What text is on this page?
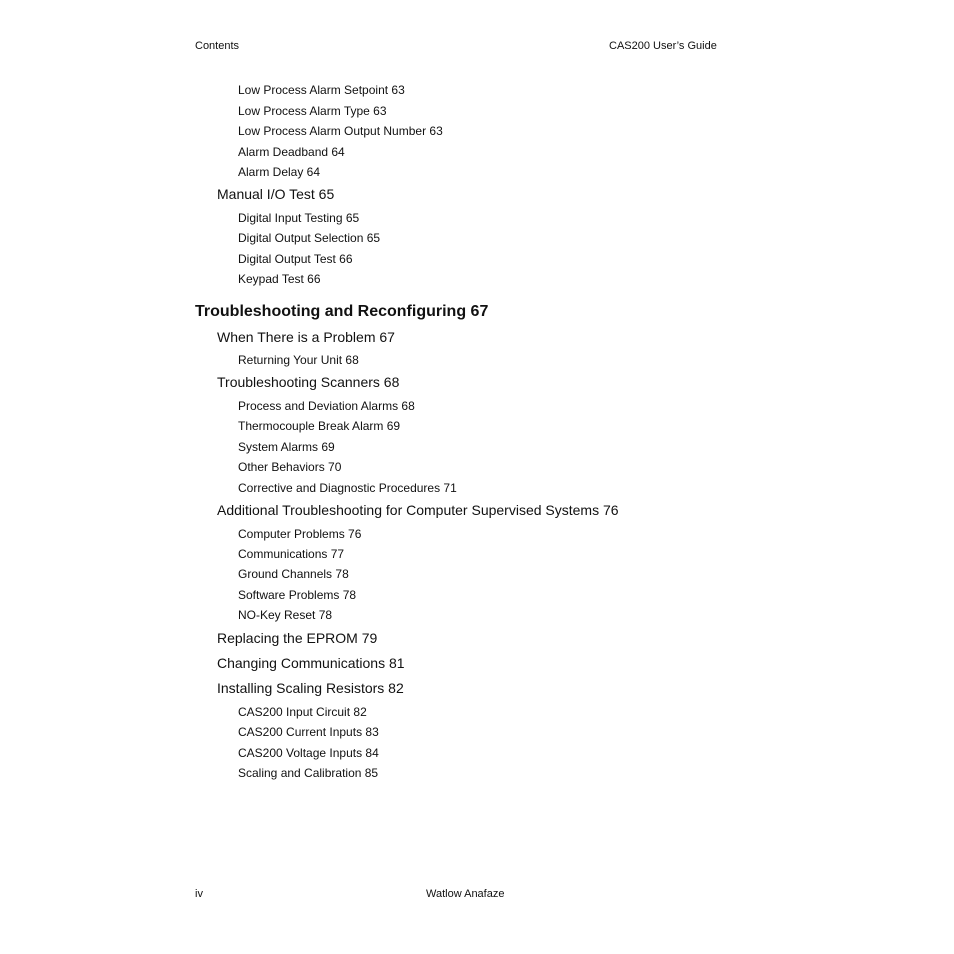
Contents	CAS200 User’s Guide
Low Process Alarm Setpoint 63
Low Process Alarm Type 63
Low Process Alarm Output Number 63
Alarm Deadband 64
Alarm Delay 64
Manual I/O Test 65
Digital Input Testing 65
Digital Output Selection 65
Digital Output Test 66
Keypad Test 66
Troubleshooting and Reconfiguring 67
When There is a Problem 67
Returning Your Unit 68
Troubleshooting Scanners 68
Process and Deviation Alarms 68
Thermocouple Break Alarm 69
System Alarms 69
Other Behaviors 70
Corrective and Diagnostic Procedures 71
Additional Troubleshooting for Computer Supervised Systems 76
Computer Problems 76
Communications 77
Ground Channels 78
Software Problems 78
NO-Key Reset 78
Replacing the EPROM 79
Changing Communications 81
Installing Scaling Resistors 82
CAS200 Input Circuit 82
CAS200 Current Inputs 83
CAS200 Voltage Inputs 84
Scaling and Calibration 85
iv	Watlow Anafaze
